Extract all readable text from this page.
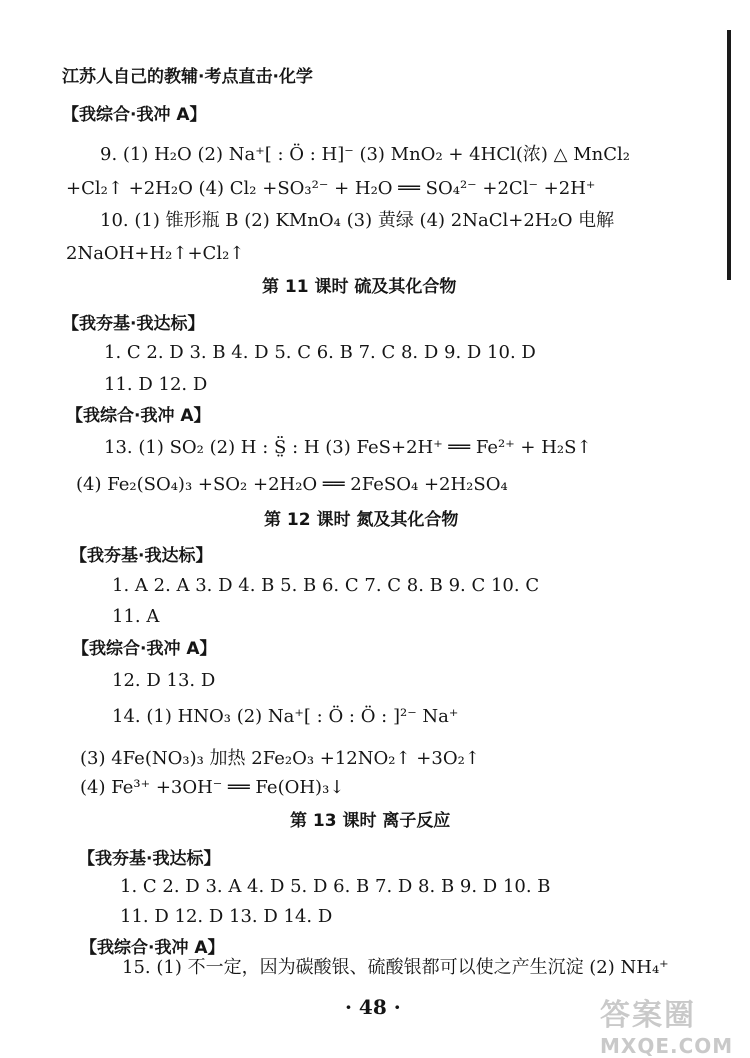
江苏人自己的教辅·考点直击·化学
【我综合·我冲 A】
9. (1) H₂O (2) Na⁺[ : Ö : H]⁻ (3) MnO₂ + 4HCl(浓) △ MnCl₂
+Cl₂↑ +2H₂O (4) Cl₂ +SO₃²⁻ + H₂O ══ SO₄²⁻ +2Cl⁻ +2H⁺
10. (1) 锥形瓶 B (2) KMnO₄ (3) 黄绿 (4) 2NaCl+2H₂O 电解
2NaOH+H₂↑+Cl₂↑
第 11 课时 硫及其化合物
【我夯基·我达标】
1. C 2. D 3. B 4. D 5. C 6. B 7. C 8. D 9. D 10. D
11. D 12. D
【我综合·我冲 A】
13. (1) SO₂ (2) H : S̤̈ : H (3) FeS+2H⁺ ══ Fe²⁺ + H₂S↑
(4) Fe₂(SO₄)₃ +SO₂ +2H₂O ══ 2FeSO₄ +2H₂SO₄
第 12 课时 氮及其化合物
【我夯基·我达标】
1. A 2. A 3. D 4. B 5. B 6. C 7. C 8. B 9. C 10. C
11. A
【我综合·我冲 A】
12. D 13. D
14. (1) HNO₃ (2) Na⁺[ : Ö : Ö : ]²⁻ Na⁺
(3) 4Fe(NO₃)₃ 加热 2Fe₂O₃ +12NO₂↑ +3O₂↑
(4) Fe³⁺ +3OH⁻ ══ Fe(OH)₃↓
第 13 课时 离子反应
【我夯基·我达标】
1. C 2. D 3. A 4. D 5. D 6. B 7. D 8. B 9. D 10. B
11. D 12. D 13. D 14. D
【我综合·我冲 A】
15. (1) 不一定，因为碳酸银、硫酸银都可以使之产生沉淀 (2) NH₄⁺
· 48 ·	答案圈
MXQE.COM
